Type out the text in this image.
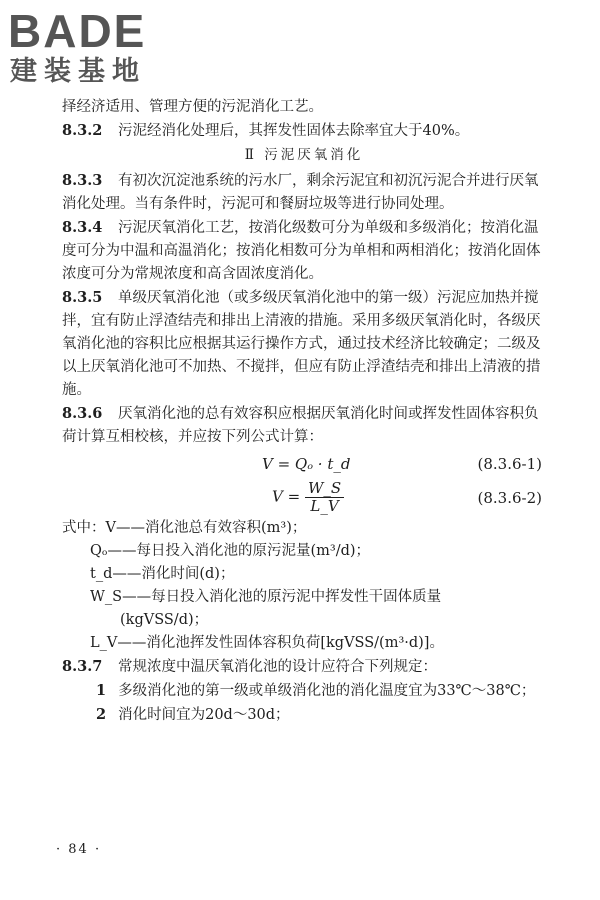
BADE
建装基地

择经济适用、管理方便的污泥消化工艺。

8.3.2 污泥经消化处理后，其挥发性固体去除率宜大于40%。

Ⅱ 污泥厌氧消化

8.3.3 有初次沉淀池系统的污水厂，剩余污泥宜和初沉污泥合并进行厌氧消化处理。当有条件时，污泥可和餐厨垃圾等进行协同处理。

8.3.4 污泥厌氧消化工艺，按消化级数可分为单级和多级消化；按消化温度可分为中温和高温消化；按消化相数可分为单相和两相消化；按消化固体浓度可分为常规浓度和高含固浓度消化。

8.3.5 单级厌氧消化池（或多级厌氧消化池中的第一级）污泥应加热并搅拌，宜有防止浮渣结壳和排出上清液的措施。采用多级厌氧消化时，各级厌氧消化池的容积比应根据其运行操作方式，通过技术经济比较确定；二级及以上厌氧消化池可不加热、不搅拌，但应有防止浮渣结壳和排出上清液的措施。

8.3.6 厌氧消化池的总有效容积应根据厌氧消化时间或挥发性固体容积负荷计算互相校核，并应按下列公式计算：

V = Qₒ · t_d	(8.3.6-1)
$V = \frac{W\_S}{L\_V}$	(8.3.6-2)

式中：V——消化池总有效容积(m³)；

Qₒ——每日投入消化池的原污泥量(m³/d)；

t_d——消化时间(d)；

W_S——每日投入消化池的原污泥中挥发性干固体质量

(kgVSS/d)；

L_V——消化池挥发性固体容积负荷[kgVSS/(m³·d)]。

8.3.7 常规浓度中温厌氧消化池的设计应符合下列规定：

1 多级消化池的第一级或单级消化池的消化温度宜为33℃～38℃；

2 消化时间宜为20d～30d；

· 84 ·
